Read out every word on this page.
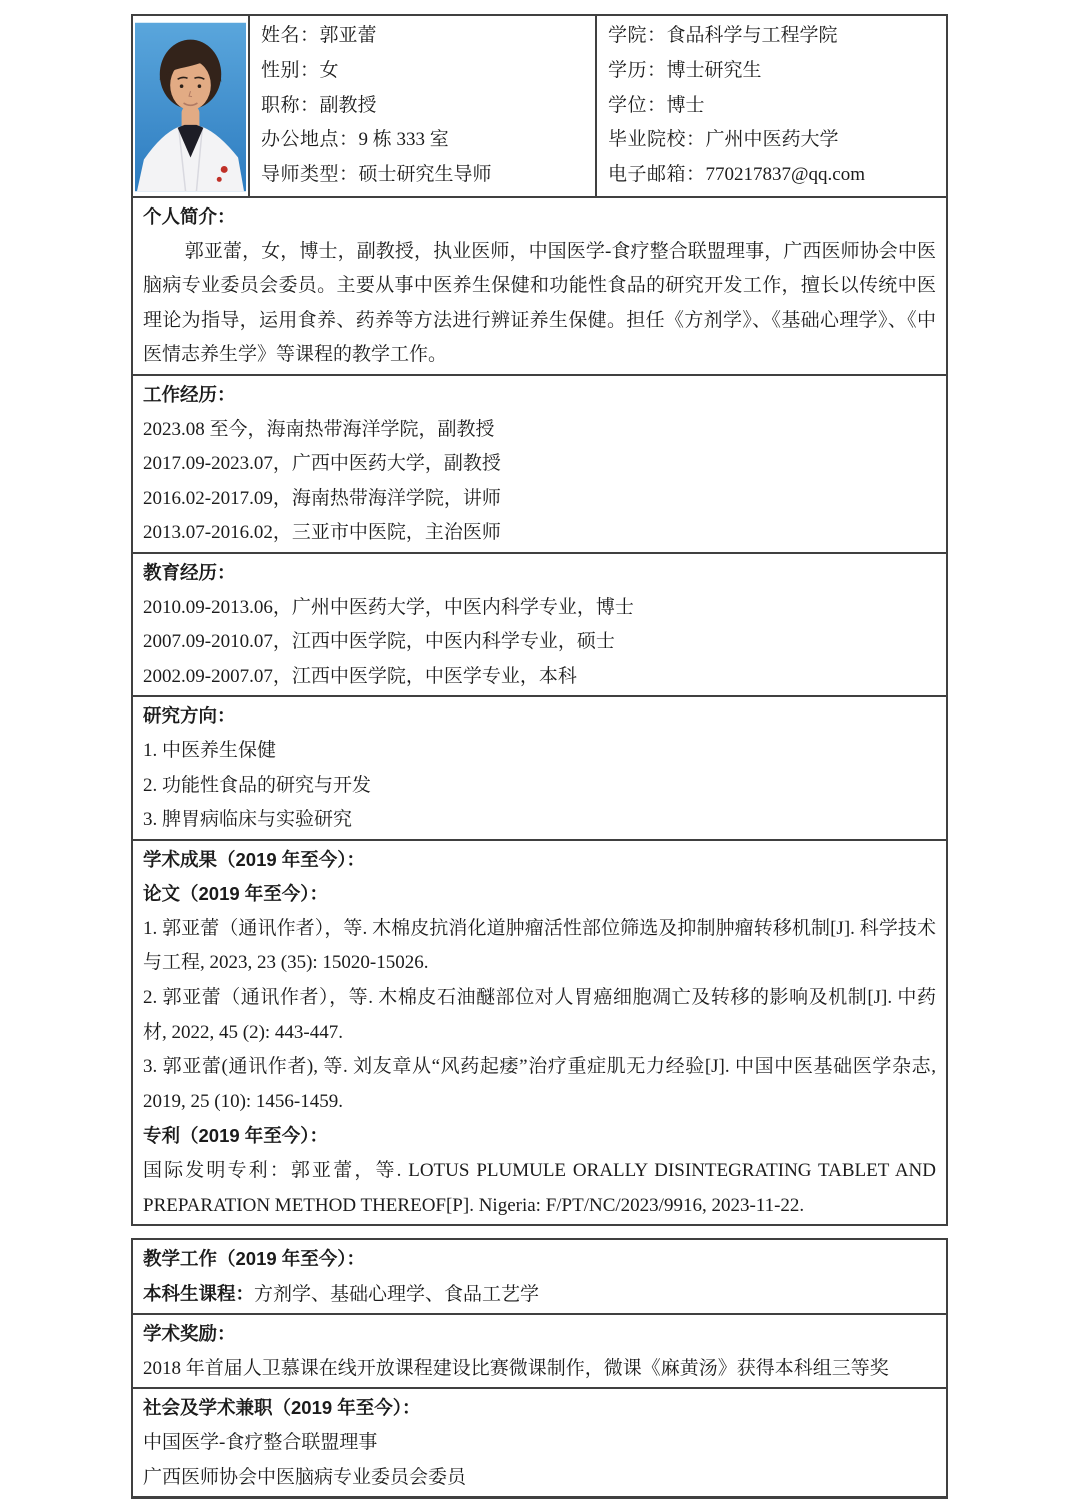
姓名：郭亚蕾
性别：女
职称：副教授
办公地点：9 栋 333 室
导师类型：硕士研究生导师
学院：食品科学与工程学院
学历：博士研究生
学位：博士
毕业院校：广州中医药大学
电子邮箱：770217837@qq.com
个人简介：
郭亚蕾，女，博士，副教授，执业医师，中国医学-食疗整合联盟理事，广西医师协会中医脑病专业委员会委员。主要从事中医养生保健和功能性食品的研究开发工作，擅长以传统中医理论为指导，运用食养、药养等方法进行辨证养生保健。担任《方剂学》、《基础心理学》、《中医情志养生学》等课程的教学工作。
工作经历：
2023.08 至今，海南热带海洋学院，副教授
2017.09-2023.07，广西中医药大学，副教授
2016.02-2017.09，海南热带海洋学院，讲师
2013.07-2016.02，三亚市中医院，主治医师
教育经历：
2010.09-2013.06，广州中医药大学，中医内科学专业，博士
2007.09-2010.07，江西中医学院，中医内科学专业，硕士
2002.09-2007.07，江西中医学院，中医学专业，本科
研究方向：
1. 中医养生保健
2. 功能性食品的研究与开发
3. 脾胃病临床与实验研究
学术成果（2019 年至今）：
论文（2019 年至今）：
1. 郭亚蕾（通讯作者），等. 木棉皮抗消化道肿瘤活性部位筛选及抑制肿瘤转移机制[J]. 科学技术与工程, 2023, 23 (35): 15020-15026.
2. 郭亚蕾（通讯作者），等. 木棉皮石油醚部位对人胃癌细胞凋亡及转移的影响及机制[J]. 中药材, 2022, 45 (2): 443-447.
3. 郭亚蕾(通讯作者), 等. 刘友章从“风药起痿”治疗重症肌无力经验[J]. 中国中医基础医学杂志, 2019, 25 (10): 1456-1459.
专利（2019 年至今）：
国际发明专利：郭亚蕾，等. LOTUS PLUMULE ORALLY DISINTEGRATING TABLET AND PREPARATION METHOD THEREOF[P]. Nigeria: F/PT/NC/2023/9916, 2023-11-22.
教学工作（2019 年至今）：
本科生课程：方剂学、基础心理学、食品工艺学
学术奖励：
2018 年首届人卫慕课在线开放课程建设比赛微课制作，微课《麻黄汤》获得本科组三等奖
社会及学术兼职（2019 年至今）：
中国医学-食疗整合联盟理事
广西医师协会中医脑病专业委员会委员
